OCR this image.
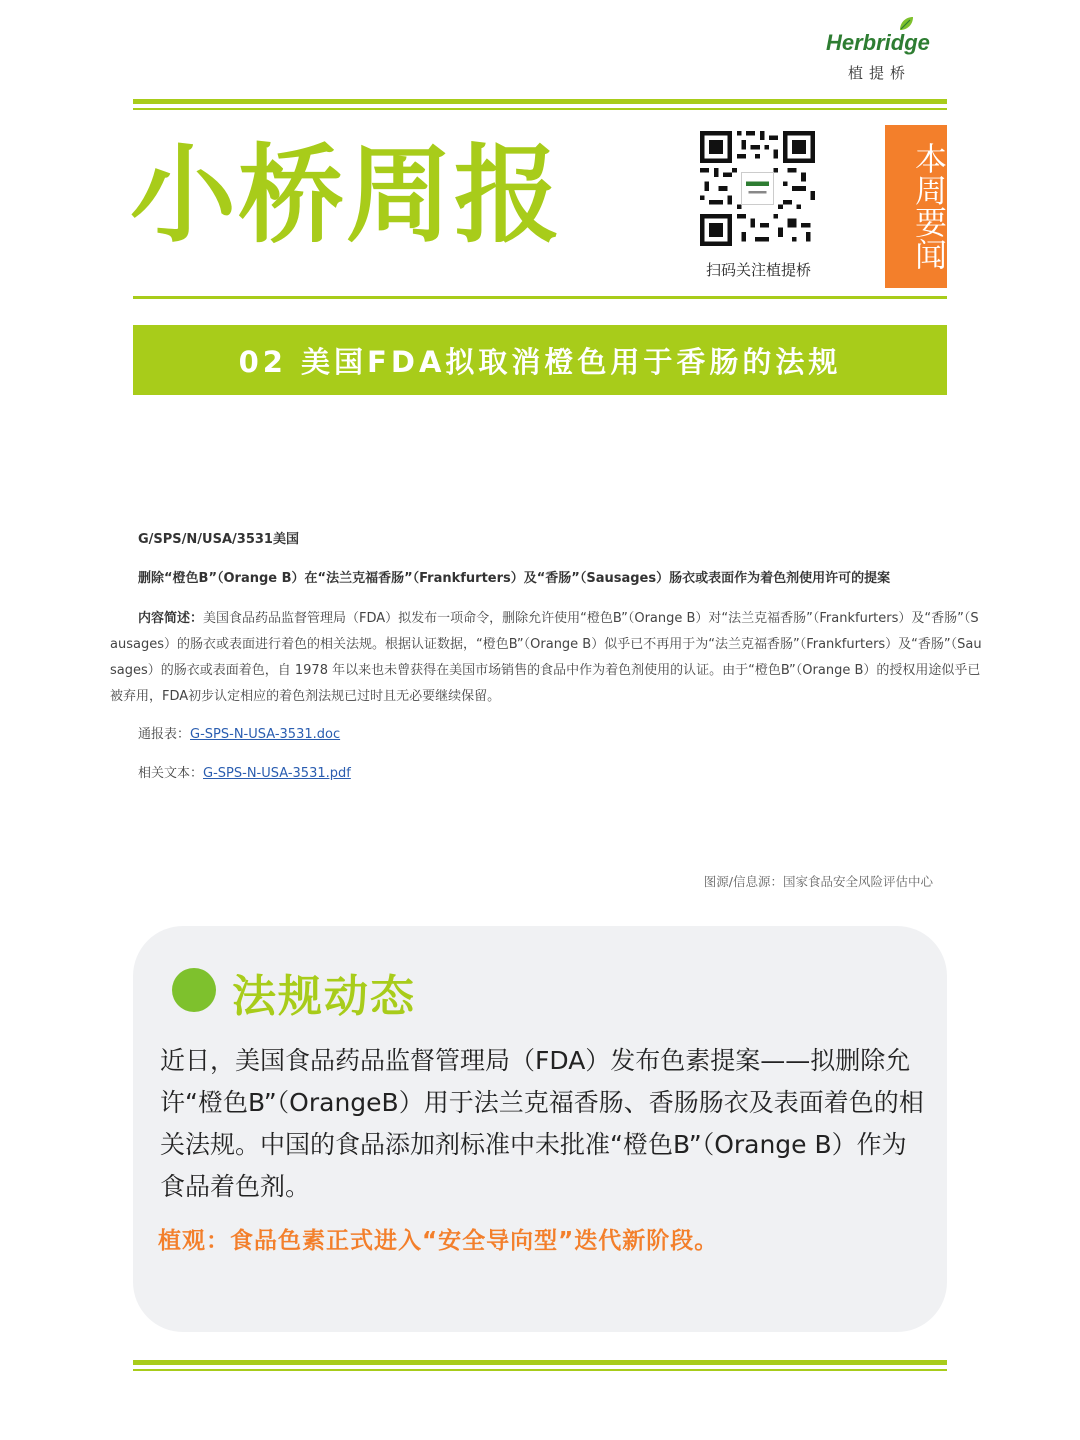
Herbridge
植提桥
小桥周报
扫码关注植提桥	本周要闻
02 美国FDA拟取消橙色用于香肠的法规
G/SPS/N/USA/3531美国
删除“橙色B”（Orange B）在“法兰克福香肠”（Frankfurters）及“香肠”（Sausages）肠衣或表面作为着色剂使用许可的提案
内容简述：美国食品药品监督管理局（FDA）拟发布一项命令，删除允许使用“橙色B”（Orange B）对“法兰克福香肠”（Frankfurters）及“香肠”（Sausages）的肠衣或表面进行着色的相关法规。根据认证数据，“橙色B”（Orange B）似乎已不再用于为“法兰克福香肠”（Frankfurters）及“香肠”（Sausages）的肠衣或表面着色，自 1978 年以来也未曾获得在美国市场销售的食品中作为着色剂使用的认证。由于“橙色B”（Orange B）的授权用途似乎已被弃用，FDA初步认定相应的着色剂法规已过时且无必要继续保留。
通报表：G-SPS-N-USA-3531.doc
相关文本：G-SPS-N-USA-3531.pdf
图源/信息源：国家食品安全风险评估中心
法规动态
近日，美国食品药品监督管理局（FDA）发布色素提案——拟删除允许“橙色B”（OrangeB）用于法兰克福香肠、香肠肠衣及表面着色的相关法规。中国的食品添加剂标准中未批准“橙色B”（Orange B）作为食品着色剂。
植观：食品色素正式进入“安全导向型”迭代新阶段。
